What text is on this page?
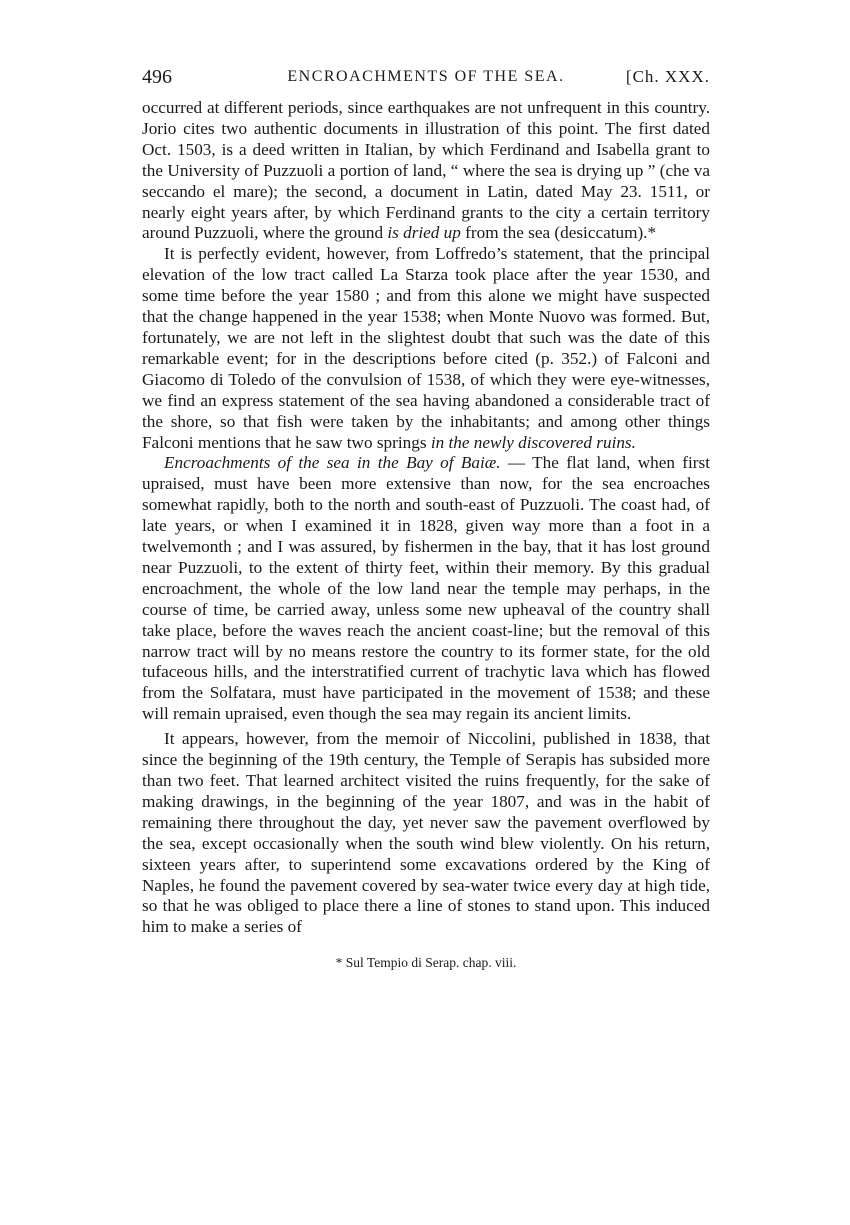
496	ENCROACHMENTS OF THE SEA.	[Ch. XXX.

occurred at different periods, since earthquakes are not unfrequent in this country. Jorio cites two authentic documents in illustration of this point. The first dated Oct. 1503, is a deed written in Italian, by which Ferdinand and Isabella grant to the University of Puzzuoli a portion of land, “ where the sea is drying up ” (che va seccando el mare); the second, a document in Latin, dated May 23. 1511, or nearly eight years after, by which Ferdinand grants to the city a certain territory around Puzzuoli, where the ground is dried up from the sea (desiccatum).*

It is perfectly evident, however, from Loffredo’s statement, that the principal elevation of the low tract called La Starza took place after the year 1530, and some time before the year 1580 ; and from this alone we might have suspected that the change happened in the year 1538; when Monte Nuovo was formed. But, fortunately, we are not left in the slightest doubt that such was the date of this remarkable event; for in the descriptions before cited (p. 352.) of Falconi and Giacomo di Toledo of the convulsion of 1538, of which they were eye-witnesses, we find an express statement of the sea having abandoned a considerable tract of the shore, so that fish were taken by the inhabitants; and among other things Falconi mentions that he saw two springs in the newly discovered ruins.

Encroachments of the sea in the Bay of Baiæ. — The flat land, when first upraised, must have been more extensive than now, for the sea encroaches somewhat rapidly, both to the north and south-east of Puzzuoli. The coast had, of late years, or when I examined it in 1828, given way more than a foot in a twelvemonth ; and I was assured, by fishermen in the bay, that it has lost ground near Puzzuoli, to the extent of thirty feet, within their memory. By this gradual encroachment, the whole of the low land near the temple may perhaps, in the course of time, be carried away, unless some new upheaval of the country shall take place, before the waves reach the ancient coast-line; but the removal of this narrow tract will by no means restore the country to its former state, for the old tufaceous hills, and the interstratified current of trachytic lava which has flowed from the Solfatara, must have participated in the movement of 1538; and these will remain upraised, even though the sea may regain its ancient limits.

It appears, however, from the memoir of Niccolini, published in 1838, that since the beginning of the 19th century, the Temple of Serapis has subsided more than two feet. That learned architect visited the ruins frequently, for the sake of making drawings, in the beginning of the year 1807, and was in the habit of remaining there throughout the day, yet never saw the pavement overflowed by the sea, except occasionally when the south wind blew violently. On his return, sixteen years after, to superintend some excavations ordered by the King of Naples, he found the pavement covered by sea-water twice every day at high tide, so that he was obliged to place there a line of stones to stand upon. This induced him to make a series of

* Sul Tempio di Serap. chap. viii.
